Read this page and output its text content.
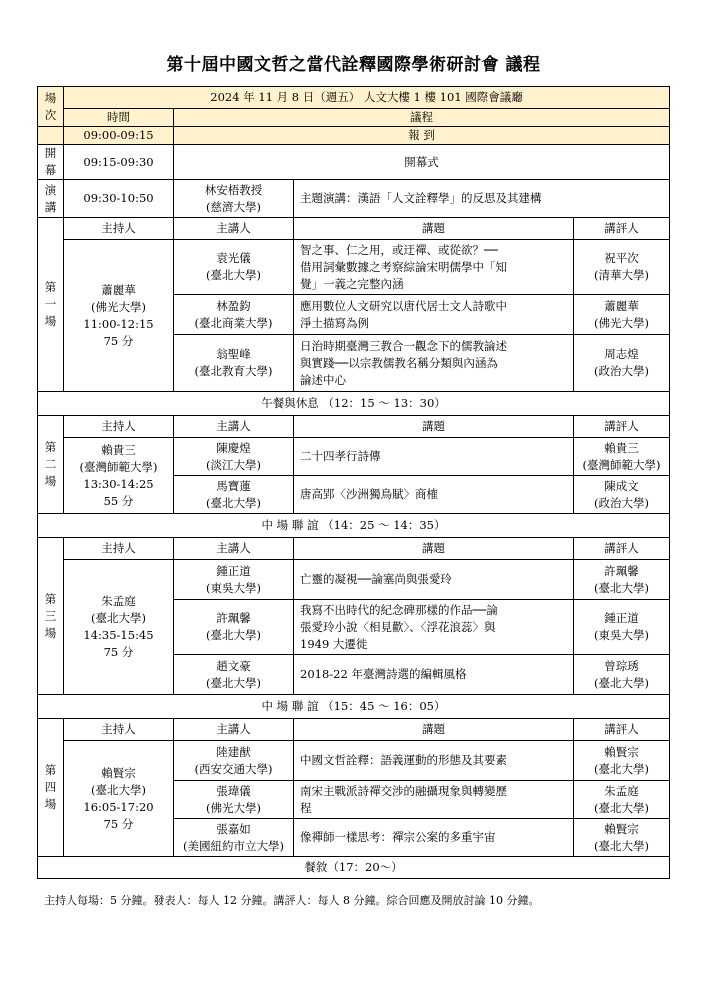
第十屆中國文哲之當代詮釋國際學術研討會 議程
場
次	2024 年 11 月 8 日（週五） 人文大樓 1 樓 101 國際會議廳			
	時間	議程		
	09:00-09:15	報 到		

開
幕	09:15-09:30	開幕式		

演
講	09:30-10:50	林安梧教授
(慈濟大學)	主題演講：漢語「人文詮釋學」的反思及其建構	

第
一
場	主持人	主講人	講題	講評人

	蕭麗華
(佛光大學)
11:00-12:15
75 分	袁光儀
(臺北大學)	智之事、仁之用，或迂禪、或從欲？──
借用詞彙數據之考察綜論宋明儒學中「知
覺」一義之完整內涵	祝平次
(清華大學)

		林盈鈞
(臺北商業大學)	應用數位人文研究以唐代居士文人詩歌中
淨土描寫為例	蕭麗華
(佛光大學)

		翁聖峰
(臺北教育大學)	日治時期臺灣三教合一觀念下的儒教論述
與實踐──以宗教儒教名稱分類與內涵為
論述中心	周志煌
(政治大學)

午餐與休息 （12：15 ～ 13：30）				

第
二
場	主持人	主講人	講題	講評人

	賴貴三
(臺灣師範大學)
13:30-14:25
55 分	陳慶煌
(淡江大學)	二十四孝行詩傳	賴貴三
(臺灣師範大學)

		馬寶蓮
(臺北大學)	唐高郢〈沙洲獨鳥賦〉商榷	陳成文
(政治大學)

中 場 聯 誼 （14：25 ～ 14：35）				

第
三
場	主持人	主講人	講題	講評人

	朱孟庭
(臺北大學)
14:35-15:45
75 分	鍾正道
(東吳大學)	亡靈的凝視──論塞尚與張愛玲	許珮馨
(臺北大學)

		許珮馨
(臺北大學)	我寫不出時代的紀念碑那樣的作品──論
張愛玲小說〈相見歡〉、〈浮花浪蕊〉與
1949 大遷徙	鍾正道
(東吳大學)

		趙文豪
(臺北大學)	2018-22 年臺灣詩選的編輯風格	曾琮琇
(臺北大學)

中 場 聯 誼 （15：45 ～ 16：05）				

第
四
場	主持人	主講人	講題	講評人

	賴賢宗
(臺北大學)
16:05-17:20
75 分	陸建猷
(西安交通大學)	中國文哲詮釋：語義運動的形態及其要素	賴賢宗
(臺北大學)

		張瑋儀
(佛光大學)	南宋主戰派詩禪交涉的融攝現象與轉變歷
程	朱孟庭
(臺北大學)

		張嘉如
(美國紐約市立大學)	像禪師一樣思考：禪宗公案的多重宇宙	賴賢宗
(臺北大學)

餐敘（17：20～）				
主持人每場：5 分鐘。發表人：每人 12 分鐘。講評人：每人 8 分鐘。綜合回應及開放討論 10 分鐘。
